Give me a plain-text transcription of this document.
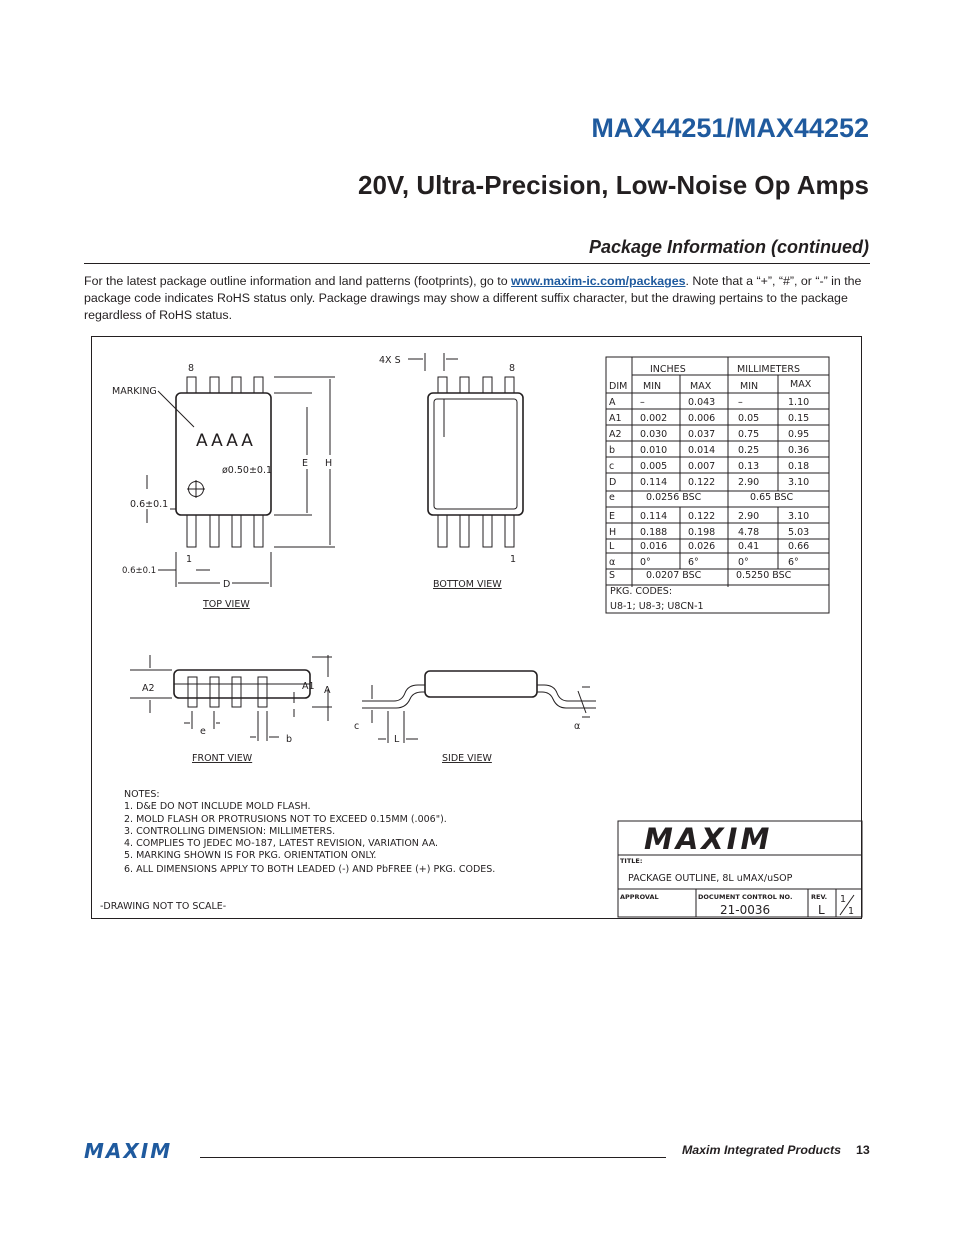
MAX44251/MAX44252
20V, Ultra-Precision, Low-Noise Op Amps
Package Information (continued)

For the latest package outline information and land patterns (footprints), go to www.maxim-ic.com/packages. Note that a “+”, “#”, or “-” in the package code indicates RoHS status only. Package drawings may show a different suffix character, but the drawing pertains to the package regardless of RoHS status.

8
1
MARKING
AAAA
ø0.50±0.1
0.6±0.1
0.6±0.1
D
E H
TOP VIEW
4X S
8
1
BOTTOM VIEW
A2	A1 A
e
b
FRONT VIEW
c
L
α
SIDE VIEW
INCHES	MILLIMETERS
DIM MIN	MAX	MIN	MAX
A	–	0.043 –	1.10
A1 0.002 0.006 0.05	0.15
A2 0.030 0.037 0.75	0.95
b	0.010 0.014 0.25	0.36
c	0.005 0.007 0.13	0.18
D 0.114 0.122 2.90	3.10
E	0.114 0.122 2.90	3.10
H	0.188 0.198 4.78	5.03
L	0.016 0.026 0.41	0.66
α	0°	6°	0°	6°
e	0.0256 BSC	0.65 BSC
S	0.0207 BSC	0.5250 BSC
PKG. CODES:
U8-1; U8-3; U8CN-1
NOTES:
1. D&E DO NOT INCLUDE MOLD FLASH.
2. MOLD FLASH OR PROTRUSIONS NOT TO EXCEED 0.15MM (.006").
3. CONTROLLING DIMENSION: MILLIMETERS.
4. COMPLIES TO JEDEC MO-187, LATEST REVISION, VARIATION AA.
5. MARKING SHOWN IS FOR PKG. ORIENTATION ONLY.
6. ALL DIMENSIONS APPLY TO BOTH LEADED (-) AND PbFREE (+) PKG. CODES.
-DRAWING NOT TO SCALE-
MAXIM
TITLE:
PACKAGE OUTLINE, 8L uMAX/uSOP
APPROVAL	DOCUMENT CONTROL NO.
21-0036
REV.
L
1
1
MAXIM	Maxim Integrated Products 13
